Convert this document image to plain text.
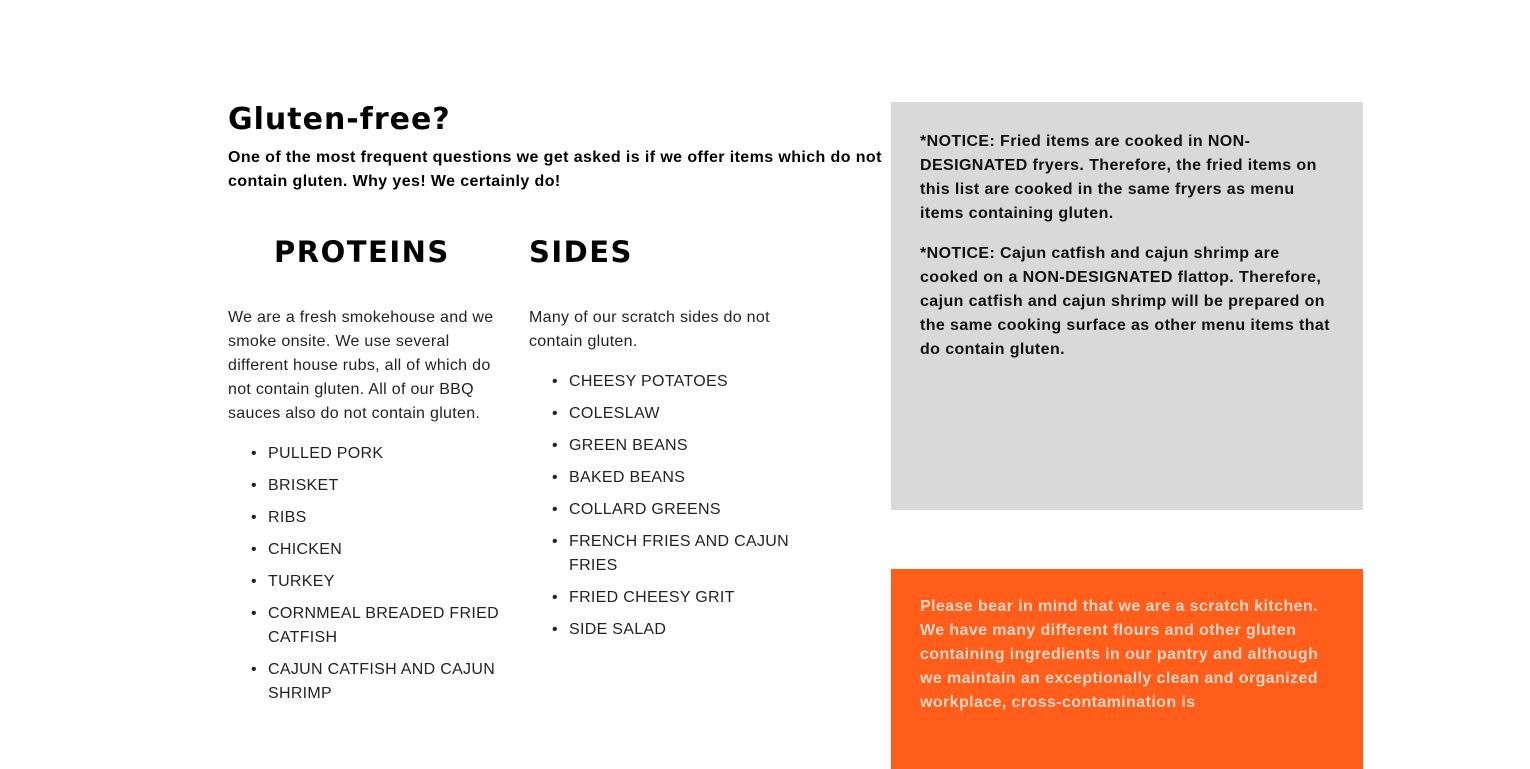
Gluten-free?

One of the most frequent questions we get asked is if we offer items which do not contain gluten. Why yes! We certainly do!

PROTEINS

We are a fresh smokehouse and we smoke onsite. We use several different house rubs, all of which do not contain gluten. All of our BBQ sauces also do not contain gluten.

• PULLED PORK
• BRISKET
• RIBS
• CHICKEN
• TURKEY
• CORNMEAL BREADED FRIED CATFISH
• CAJUN CATFISH AND CAJUN SHRIMP
SIDES

Many of our scratch sides do not contain gluten.

• CHEESY POTATOES
• COLESLAW
• GREEN BEANS
• BAKED BEANS
• COLLARD GREENS
• FRENCH FRIES AND CAJUN FRIES
• FRIED CHEESY GRIT
• SIDE SALAD

*NOTICE: Fried items are cooked in NON-DESIGNATED fryers. Therefore, the fried items on this list are cooked in the same fryers as menu items containing gluten.

*NOTICE: Cajun catfish and cajun shrimp are cooked on a NON-DESIGNATED flattop. Therefore, cajun catfish and cajun shrimp will be prepared on the same cooking surface as other menu items that do contain gluten.

Please bear in mind that we are a scratch kitchen. We have many different flours and other gluten containing ingredients in our pantry and although we maintain an exceptionally clean and organized workplace, cross-contamination is
